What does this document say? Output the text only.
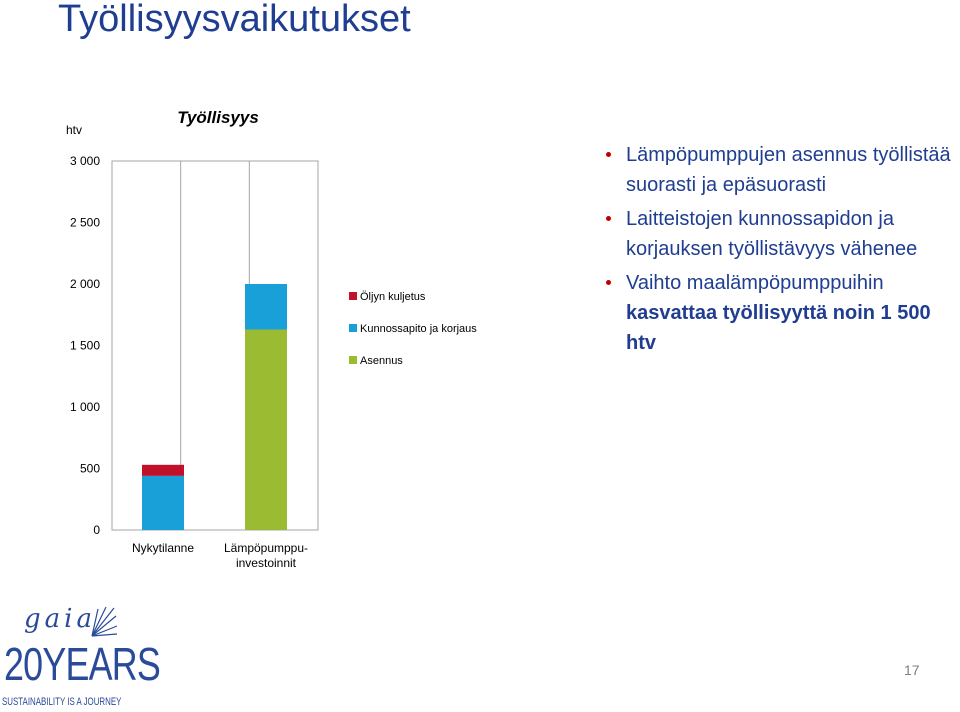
Työllisyysvaikutukset
Työllisyys
htv
0
500
1 000
1 500
2 000
2 500
3 000
Nykytilanne Lämpöpumppu-
investoinnit
Öljyn kuljetus
Kunnossapito ja korjaus
Asennus
Lämpöpumppujen asennus työllistää suorasti ja epäsuorasti
Laitteistojen kunnossapidon ja korjauksen työllistävyys vähenee
Vaihto maalämpöpumppuihin
kasvattaa työllisyyttä noin 1 500 htv
gaia
20YEARS
SUSTAINABILITY IS A JOURNEY
17
